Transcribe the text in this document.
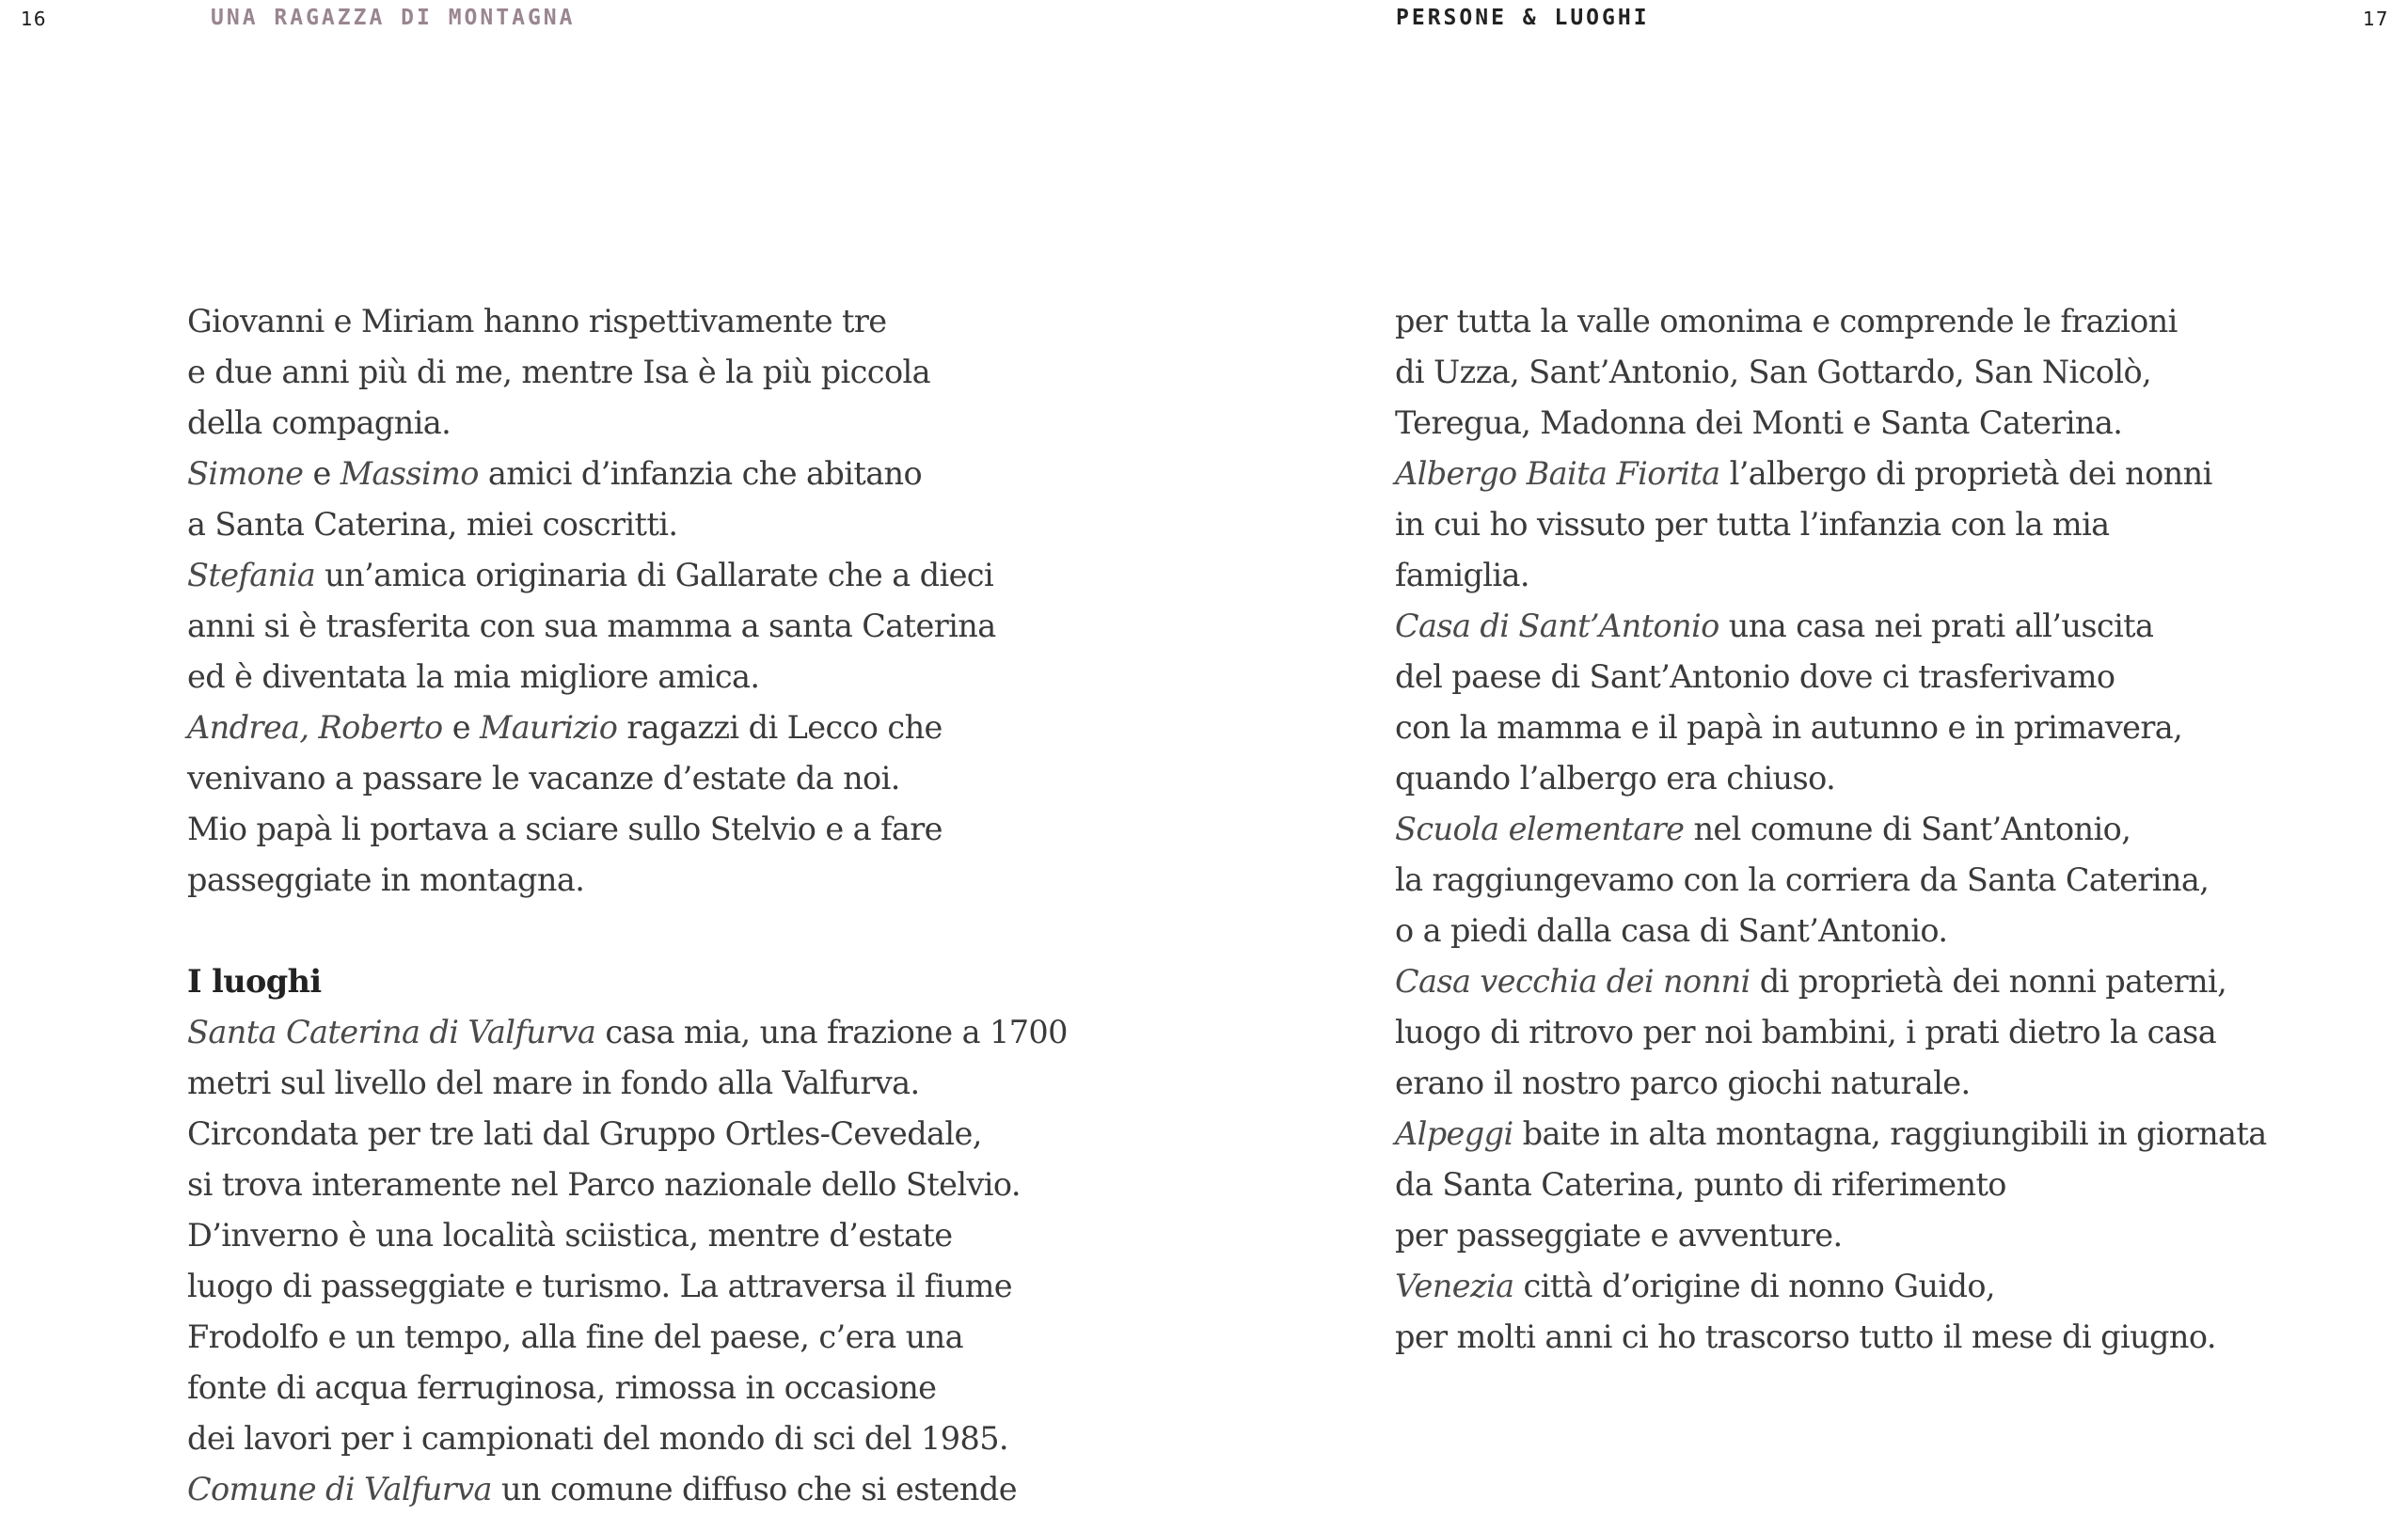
16	UNA RAGAZZA DI MONTAGNA
Giovanni e Miriam hanno rispettivamente tre
e due anni più di me, mentre Isa è la più piccola
della compagnia.
Simone e Massimo amici d’infanzia che abitano
a Santa Caterina, miei coscritti.
Stefania un’amica originaria di Gallarate che a dieci
anni si è trasferita con sua mamma a santa Caterina
ed è diventata la mia migliore amica.
Andrea, Roberto e Maurizio ragazzi di Lecco che
venivano a passare le vacanze d’estate da noi.
Mio papà li portava a sciare sullo Stelvio e a fare
passeggiate in montagna.
I luoghi
Santa Caterina di Valfurva casa mia, una frazione a 1700
metri sul livello del mare in fondo alla Valfurva.
Circondata per tre lati dal Gruppo Ortles-Cevedale,
si trova interamente nel Parco nazionale dello Stelvio.
D’inverno è una località sciistica, mentre d’estate
luogo di passeggiate e turismo. La attraversa il fiume
Frodolfo e un tempo, alla fine del paese, c’era una
fonte di acqua ferruginosa, rimossa in occasione
dei lavori per i campionati del mondo di sci del 1985.
Comune di Valfurva un comune diffuso che si estende
PERSONE & LUOGHI	17
per tutta la valle omonima e comprende le frazioni
di Uzza, Sant’Antonio, San Gottardo, San Nicolò,
Teregua, Madonna dei Monti e Santa Caterina.
Albergo Baita Fiorita l’albergo di proprietà dei nonni
in cui ho vissuto per tutta l’infanzia con la mia
famiglia.
Casa di Sant’Antonio una casa nei prati all’uscita
del paese di Sant’Antonio dove ci trasferivamo
con la mamma e il papà in autunno e in primavera,
quando l’albergo era chiuso.
Scuola elementare nel comune di Sant’Antonio,
la raggiungevamo con la corriera da Santa Caterina,
o a piedi dalla casa di Sant’Antonio.
Casa vecchia dei nonni di proprietà dei nonni paterni,
luogo di ritrovo per noi bambini, i prati dietro la casa
erano il nostro parco giochi naturale.
Alpeggi baite in alta montagna, raggiungibili in giornata
da Santa Caterina, punto di riferimento
per passeggiate e avventure.
Venezia città d’origine di nonno Guido,
per molti anni ci ho trascorso tutto il mese di giugno.
